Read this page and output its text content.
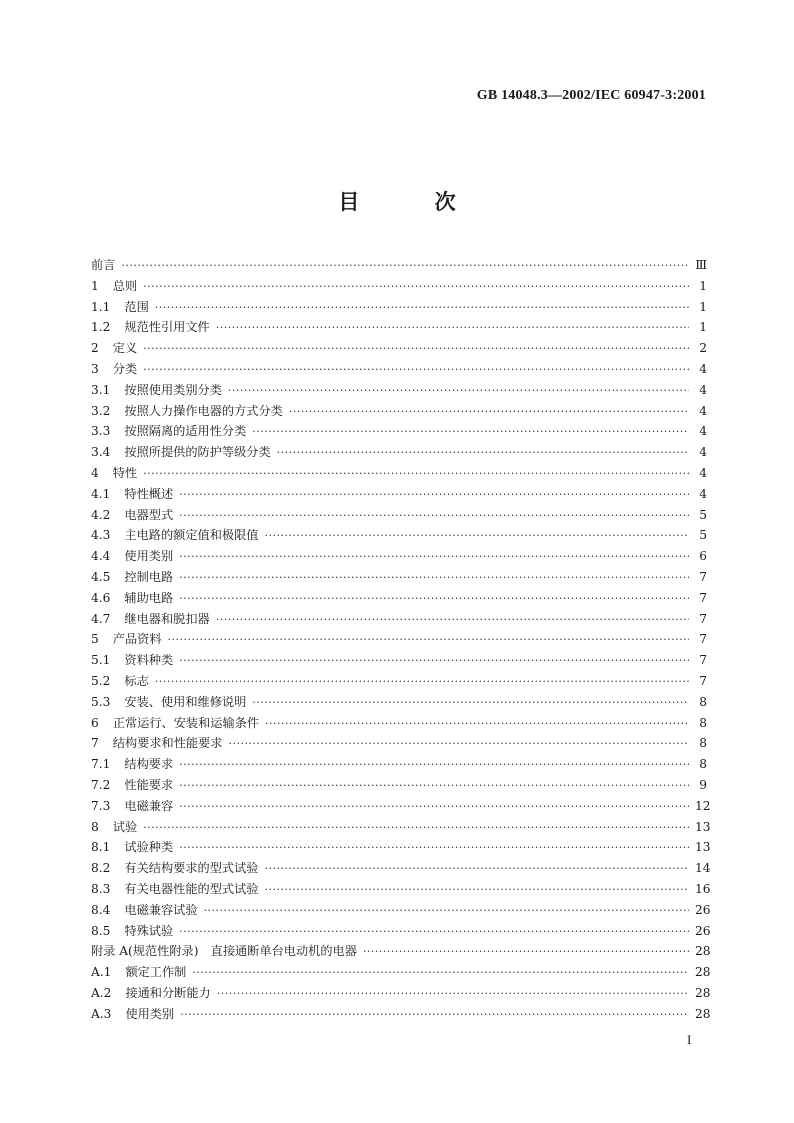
GB 14048.3—2002/IEC 60947-3:2001
目 次
前言 ·····	Ⅲ
1 总则 ·····	1
1.1 范围 ·····	1
1.2 规范性引用文件 ·····	1
2 定义 ·····	2
3 分类 ·····	4
3.1 按照使用类别分类 ·····	4
3.2 按照人力操作电器的方式分类 ·····	4
3.3 按照隔离的适用性分类 ·····	4
3.4 按照所提供的防护等级分类 ·····	4
4 特性 ·····	4
4.1 特性概述 ·····	4
4.2 电器型式 ·····	5
4.3 主电路的额定值和极限值 ·····	5
4.4 使用类别 ·····	6
4.5 控制电路 ·····	7
4.6 辅助电路 ·····	7
4.7 继电器和脱扣器 ·····	7
5 产品资料 ·····	7
5.1 资料种类 ·····	7
5.2 标志 ·····	7
5.3 安装、使用和维修说明 ·····	8
6 正常运行、安装和运输条件 ·····	8
7 结构要求和性能要求 ·····	8
7.1 结构要求 ·····	8
7.2 性能要求 ·····	9
7.3 电磁兼容 ·····	12
8 试验 ·····	13
8.1 试验种类 ·····	13
8.2 有关结构要求的型式试验 ·····	14
8.3 有关电器性能的型式试验 ·····	16
8.4 电磁兼容试验 ·····	26
8.5 特殊试验 ·····	26
附录 A(规范性附录)　直接通断单台电动机的电器 ·····	28
A.1 额定工作制 ·····	28
A.2 接通和分断能力 ·····	28
A.3 使用类别 ·····	28
I
